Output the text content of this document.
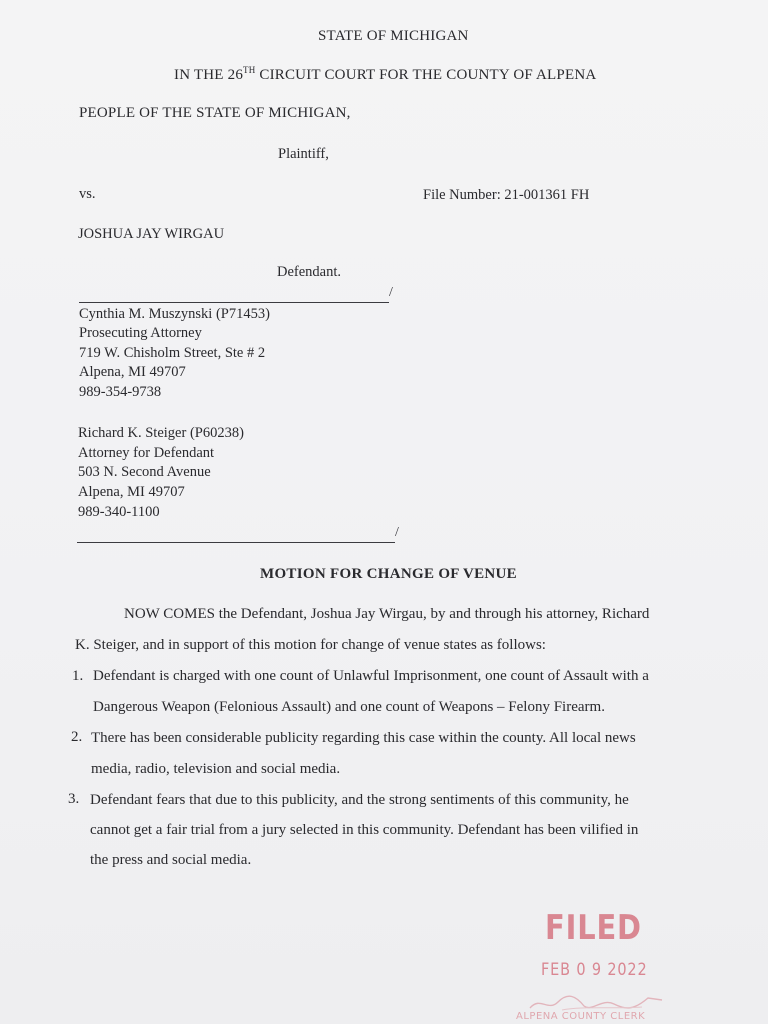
STATE OF MICHIGAN
IN THE 26TH CIRCUIT COURT FOR THE COUNTY OF ALPENA
PEOPLE OF THE STATE OF MICHIGAN,
Plaintiff,
vs.	File Number: 21-001361 FH
JOSHUA JAY WIRGAU
Defendant.
/
Cynthia M. Muszynski (P71453)
Prosecuting Attorney
719 W. Chisholm Street, Ste # 2
Alpena, MI 49707
989-354-9738
Richard K. Steiger (P60238)
Attorney for Defendant
503 N. Second Avenue
Alpena, MI 49707
989-340-1100
/
MOTION FOR CHANGE OF VENUE
NOW COMES the Defendant, Joshua Jay Wirgau, by and through his attorney, Richard
K. Steiger, and in support of this motion for change of venue states as follows:
1. Defendant is charged with one count of Unlawful Imprisonment, one count of Assault with a
Dangerous Weapon (Felonious Assault) and one count of Weapons – Felony Firearm.
2. There has been considerable publicity regarding this case within the county. All local news
media, radio, television and social media.
3. Defendant fears that due to this publicity, and the strong sentiments of this community, he
cannot get a fair trial from a jury selected in this community. Defendant has been vilified in
the press and social media.
FILED
FEB 0 9 2022
ALPENA COUNTY CLERK
